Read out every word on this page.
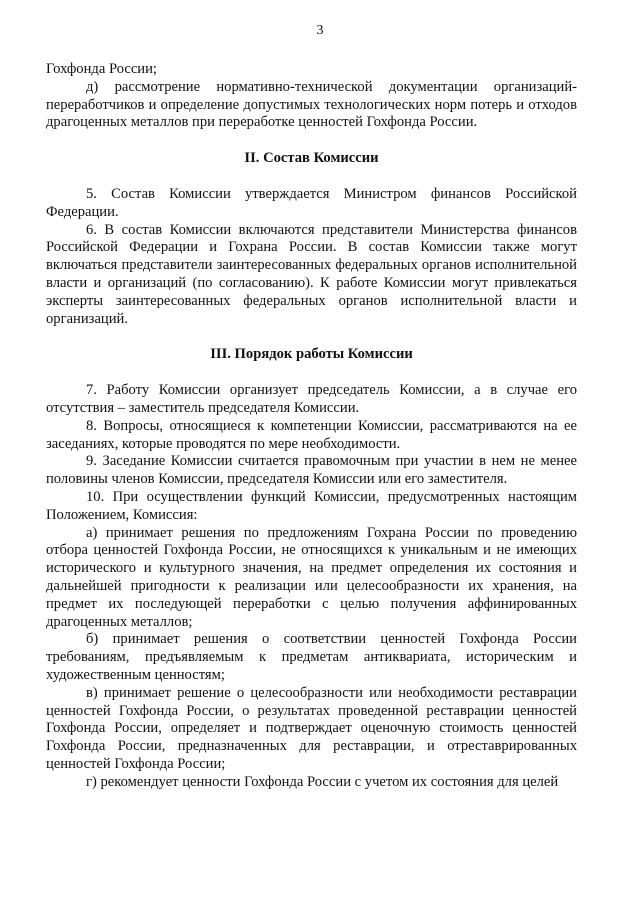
3

Гохфонда России;

д) рассмотрение нормативно-технической документации организаций-переработчиков и определение допустимых технологических норм потерь и отходов драгоценных металлов при переработке ценностей Гохфонда России.

II. Состав Комиссии

5. Состав Комиссии утверждается Министром финансов Российской Федерации.

6. В состав Комиссии включаются представители Министерства финансов Российской Федерации и Гохрана России. В состав Комиссии также могут включаться представители заинтересованных федеральных органов исполнительной власти и организаций (по согласованию). К работе Комиссии могут привлекаться эксперты заинтересованных федеральных органов исполнительной власти и организаций.

III. Порядок работы Комиссии

7. Работу Комиссии организует председатель Комиссии, а в случае его отсутствия – заместитель председателя Комиссии.

8. Вопросы, относящиеся к компетенции Комиссии, рассматриваются на ее заседаниях, которые проводятся по мере необходимости.

9. Заседание Комиссии считается правомочным при участии в нем не менее половины членов Комиссии, председателя Комиссии или его заместителя.

10. При осуществлении функций Комиссии, предусмотренных настоящим Положением, Комиссия:

а) принимает решения по предложениям Гохрана России по проведению отбора ценностей Гохфонда России, не относящихся к уникальным и не имеющих исторического и культурного значения, на предмет определения их состояния и дальнейшей пригодности к реализации или целесообразности их хранения, на предмет их последующей переработки с целью получения аффинированных драгоценных металлов;

б) принимает решения о соответствии ценностей Гохфонда России требованиям, предъявляемым к предметам антиквариата, историческим и художественным ценностям;

в) принимает решение о целесообразности или необходимости реставрации ценностей Гохфонда России, о результатах проведенной реставрации ценностей Гохфонда России, определяет и подтверждает оценочную стоимость ценностей Гохфонда России, предназначенных для реставрации, и отреставрированных ценностей Гохфонда России;

г) рекомендует ценности Гохфонда России с учетом их состояния для целей
